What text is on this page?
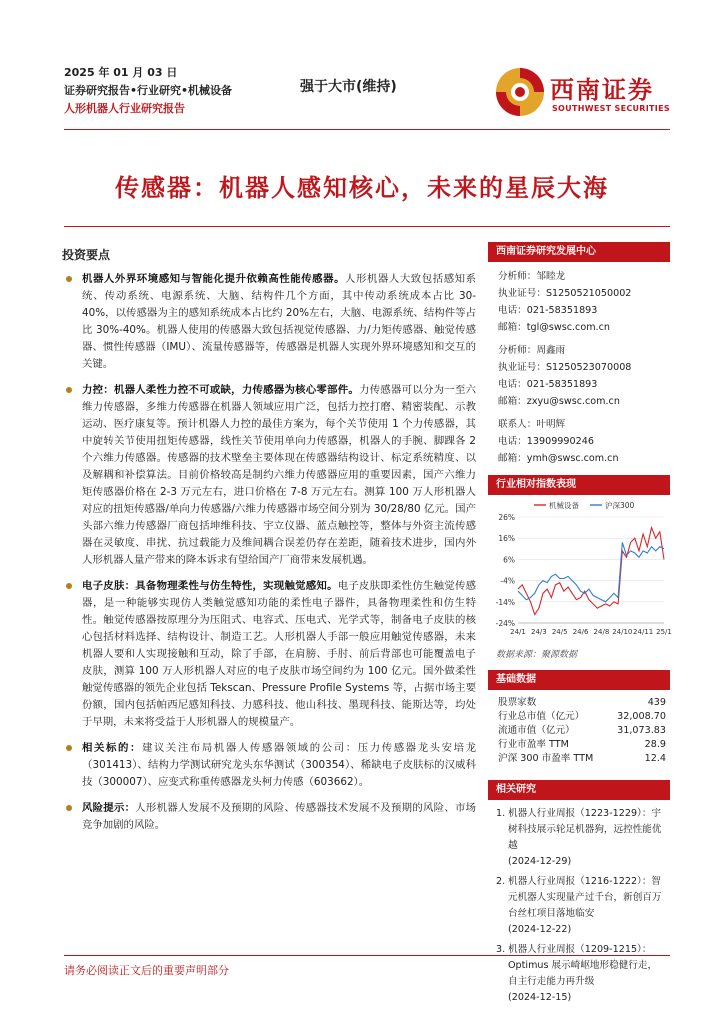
2025 年 01 月 03 日
证券研究报告•行业研究•机械设备
人形机器人行业研究报告
强于大市(维持)	西南证券
SOUTHWEST SECURITIES
传感器：机器人感知核心，未来的星辰大海
投资要点
机器人外界环境感知与智能化提升依赖高性能传感器。人形机器人大致包括感知系统、传动系统、电源系统、大脑、结构件几个方面，其中传动系统成本占比 30-40%，以传感器为主的感知系统成本占比约 20%左右，大脑、电源系统、结构件等占比 30%-40%。机器人使用的传感器大致包括视觉传感器、力/力矩传感器、触觉传感器、惯性传感器（IMU）、流量传感器等，传感器是机器人实现外界环境感知和交互的关键。
力控：机器人柔性力控不可或缺，力传感器为核心零部件。力传感器可以分为一至六维力传感器，多维力传感器在机器人领域应用广泛，包括力控打磨、精密装配、示教运动、医疗康复等。预计机器人力控的最佳方案为，每个关节使用 1 个力传感器，其中旋转关节使用扭矩传感器，线性关节使用单向力传感器，机器人的手腕、脚踝各 2 个六维力传感器。传感器的技术壁垒主要体现在传感器结构设计、标定系统精度、以及解耦和补偿算法。目前价格较高是制约六维力传感器应用的重要因素，国产六维力矩传感器价格在 2-3 万元左右，进口价格在 7-8 万元左右。测算 100 万人形机器人对应的扭矩传感器/单向力传感器/六维力传感器市场空间分别为 30/28/80 亿元。国产头部六维力传感器厂商包括坤维科技、宇立仪器、蓝点触控等，整体与外资主流传感器在灵敏度、串扰、抗过载能力及维间耦合误差仍存在差距，随着技术进步，国内外人形机器人量产带来的降本诉求有望给国产厂商带来发展机遇。
电子皮肤：具备物理柔性与仿生特性，实现触觉感知。电子皮肤即柔性仿生触觉传感器，是一种能够实现仿人类触觉感知功能的柔性电子器件，具备物理柔性和仿生特性。触觉传感器按原理分为压阻式、电容式、压电式、光学式等，制备电子皮肤的核心包括材料选择、结构设计、制造工艺。人形机器人手部一般应用触觉传感器，未来机器人要和人实现接触和互动，除了手部，在肩膀、手肘、前后背部也可能覆盖电子皮肤，测算 100 万人形机器人对应的电子皮肤市场空间约为 100 亿元。国外做柔性触觉传感器的领先企业包括 Tekscan、Pressure Profile Systems 等，占据市场主要份额，国内包括帕西尼感知科技、力感科技、他山科技、墨现科技、能斯达等，均处于早期，未来将受益于人形机器人的规模量产。
相关标的：建议关注布局机器人传感器领域的公司：压力传感器龙头安培龙（301413）、结构力学测试研究龙头东华测试（300354）、稀缺电子皮肤标的汉威科技（300007）、应变式称重传感器龙头柯力传感（603662）。
风险提示：人形机器人发展不及预期的风险、传感器技术发展不及预期的风险、市场竞争加剧的风险。
西南证券研究发展中心
分析师：邹睦龙
执业证号：S1250521050002
电话：021-58351893
邮箱：tgl@swsc.com.cn
分析师：周鑫雨
执业证号：S1250523070008
电话：021-58351893
邮箱：zxyu@swsc.com.cn
联系人：叶明辉
电话：13909990246
邮箱：ymh@swsc.com.cn
行业相对指数表现
26%
16%
6%
-4%
-14%
-24%
24/1 24/3 24/5 24/6 24/8 24/10 24/11 25/1
机械设备	沪深300
数据来源：聚源数据
基础数据
股票家数	439
行业总市值（亿元）	32,008.70
流通市值（亿元）	31,073.83
行业市盈率 TTM	28.9
沪深 300 市盈率 TTM	12.4
相关研究
1. 机器人行业周报（1223-1229）：宇树科技展示轮足机器狗，远控性能优越
(2024-12-29)
2. 机器人行业周报（1216-1222）：智元机器人实现量产过千台，新创百万台丝杠项目落地临安
(2024-12-22)
3. 机器人行业周报（1209-1215）：Optimus 展示崎岖地形稳健行走，自主行走能力再升级
(2024-12-15)
请务必阅读正文后的重要声明部分
